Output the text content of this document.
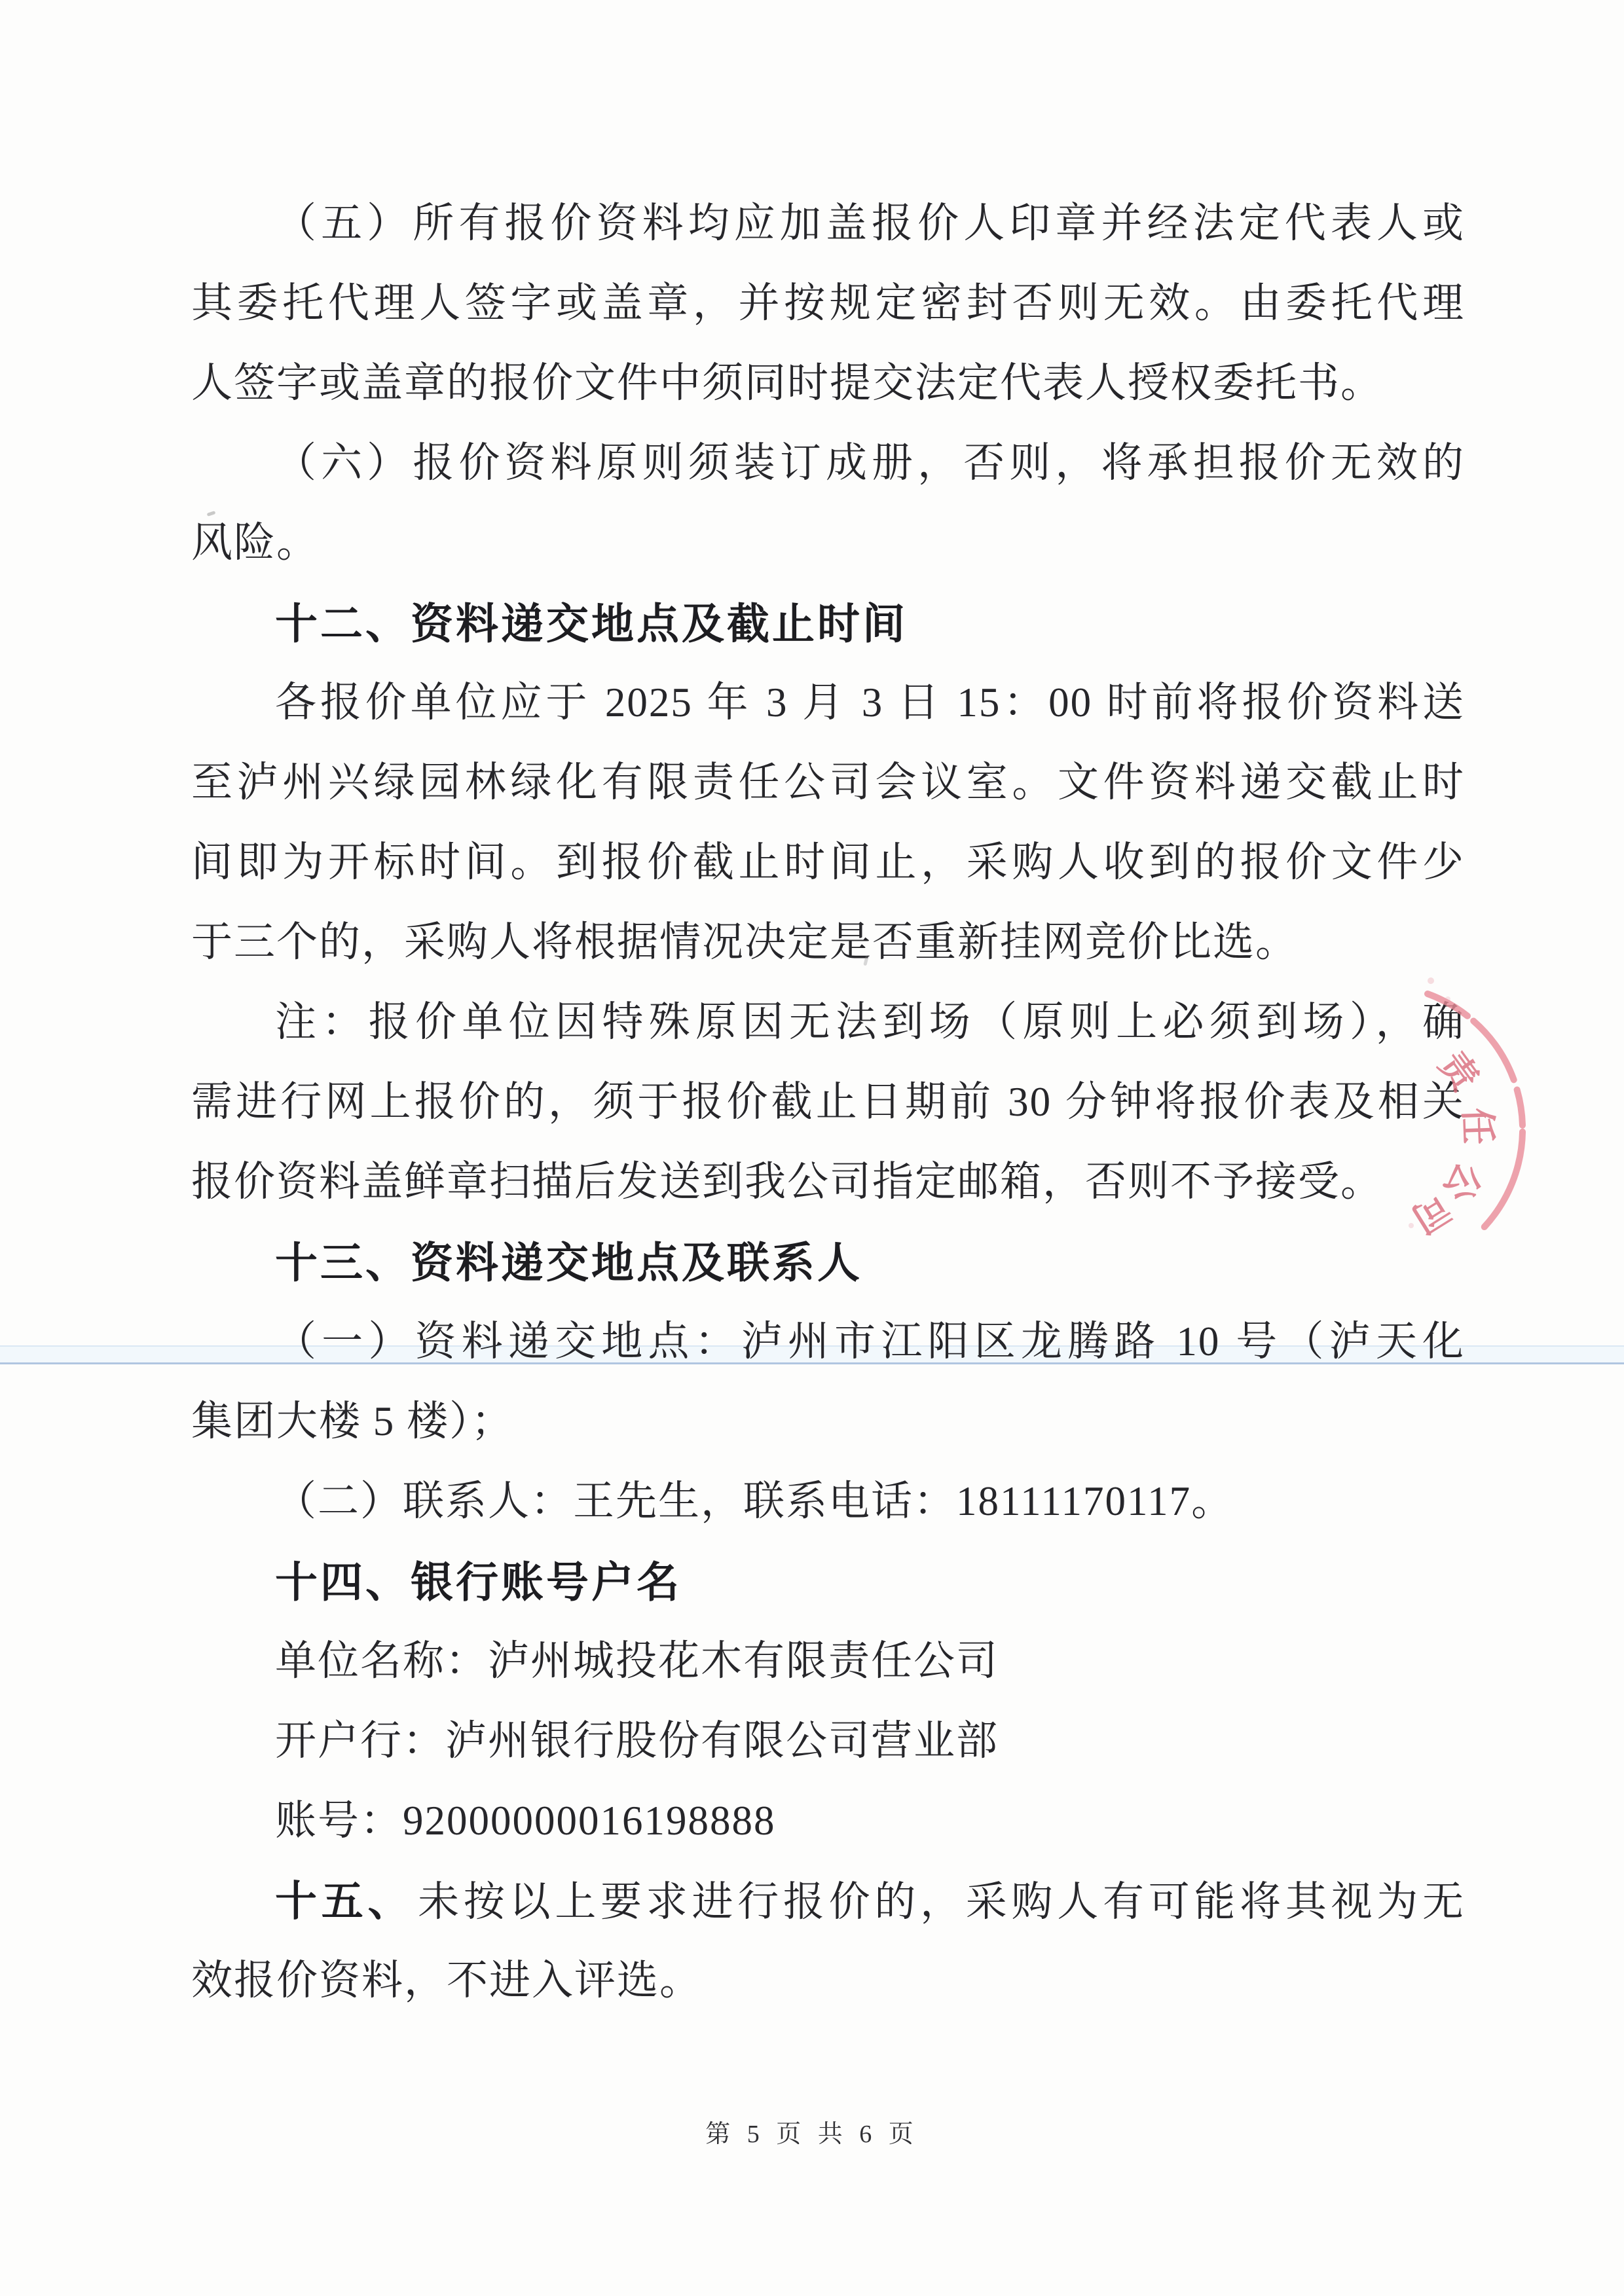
（五）所有报价资料均应加盖报价人印章并经法定代表人或
其委托代理人签字或盖章，并按规定密封否则无效。由委托代理
人签字或盖章的报价文件中须同时提交法定代表人授权委托书。
（六）报价资料原则须装订成册，否则，将承担报价无效的
风险。
十二、资料递交地点及截止时间
各报价单位应于 2025 年 3 月 3 日 15：00 时前将报价资料送
至泸州兴绿园林绿化有限责任公司会议室。文件资料递交截止时
间即为开标时间。到报价截止时间止，采购人收到的报价文件少
于三个的，采购人将根据情况决定是否重新挂网竞价比选。
注：报价单位因特殊原因无法到场（原则上必须到场），确
需进行网上报价的，须于报价截止日期前 30 分钟将报价表及相关
报价资料盖鲜章扫描后发送到我公司指定邮箱，否则不予接受。
十三、资料递交地点及联系人
（一）资料递交地点：泸州市江阳区龙腾路 10 号（泸天化
集团大楼 5 楼）；
（二）联系人：王先生，联系电话：18111170117。
十四、银行账号户名
单位名称：泸州城投花木有限责任公司
开户行：泸州银行股份有限公司营业部
账号：92000000016198888
十五、未按以上要求进行报价的，采购人有可能将其视为无
效报价资料，不进入评选。
责
任
公
司
第 5 页 共 6 页
